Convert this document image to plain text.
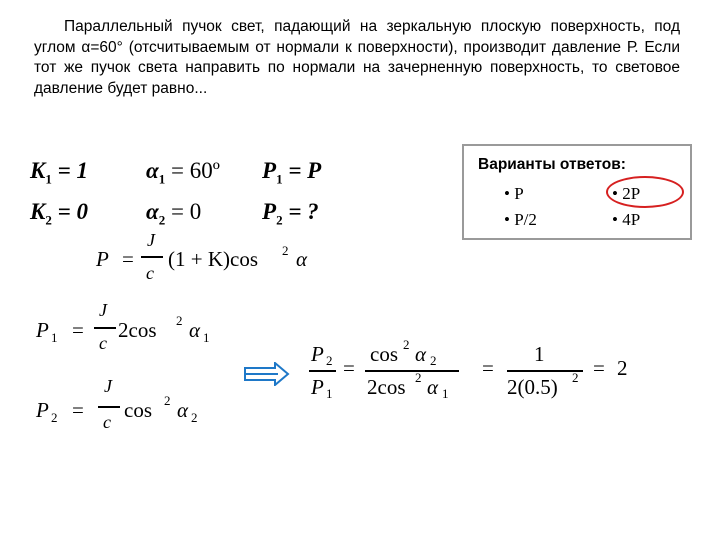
Параллельный пучок свет, падающий на зеркальную плоскую поверхность, под углом α=60° (отсчитываемым от нормали к поверхности), производит давление Р. Если тот же пучок света направить по нормали на зачерненную поверхность, то световое давление будет равно...

$K_1 = 1$	$\alpha_1$ = 60º $P_1 = P$
$K_2 = 0$	$\alpha_2 = 0$	$P_2$ = ?
Варианты ответов:
• P	• 2P
• P/2	• 4P
P =
J
c
(1 + K)cos 2 α
P 1 =
J
c
2cos 2 α 1
P 2 =
J
c cos 2 α 2
P 2
P 1
=
cos 2 α 2
2cos 2 α 1
=
1
2(0.5) 2 = 2
